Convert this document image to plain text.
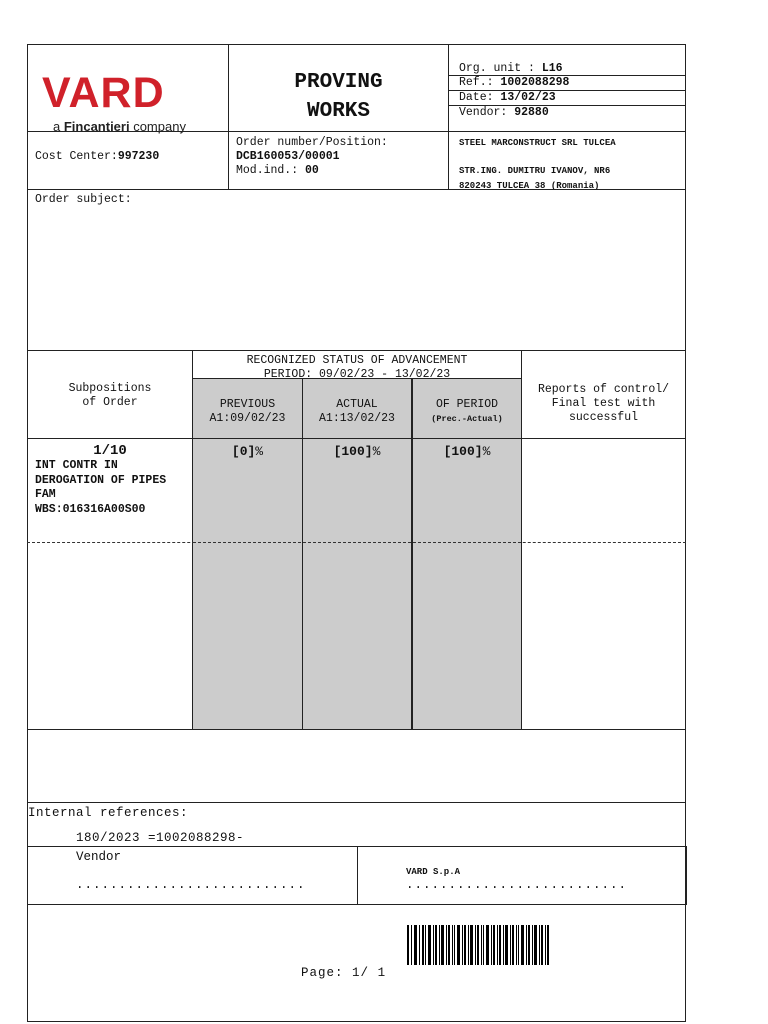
VARD
a Fincantieri company
PROVING
WORKS
Org. unit : L16
Ref.: 1002088298
Date: 13/02/23
Vendor: 92880
Cost Center:997230
Order number/Position:
DCB160053/00001
Mod.ind.: 00
STEEL MARCONSTRUCT SRL TULCEA
STR.ING. DUMITRU IVANOV, NR6
820243 TULCEA 38 (Romania)
Order subject:
Subpositions
of Order
RECOGNIZED STATUS OF ADVANCEMENT
PERIOD: 09/02/23 - 13/02/23
PREVIOUS
A1:09/02/23
ACTUAL
A1:13/02/23
OF PERIOD
(Prec.-Actual)
Reports of control/
Final test with
successful
1/10
INT CONTR IN
DEROGATION OF PIPES
FAM
WBS:016316A00S00
[0]%	[100]%	[100]%
Internal references:
180/2023 =1002088298-
Vendor
...........................
VARD S.p.A
..........................
Page: 1/ 1
